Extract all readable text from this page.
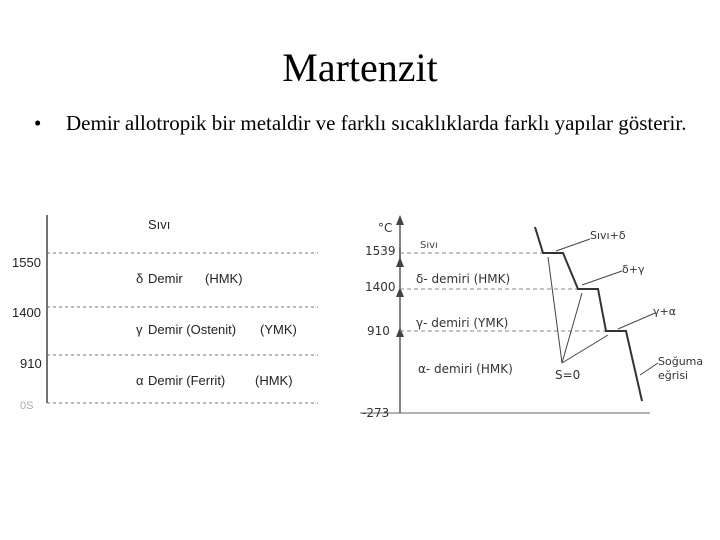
Martenzit
• Demir allotropik bir metaldir ve farklı sıcaklıklarda farklı yapılar gösterir.
1550
1400
910
0S
Sıvı
δ Demir (HMK)
γ Demir (Ostenit) (YMK)
α Demir (Ferrit) (HMK)
°C
1539
1400
910
-273
Sıvı
δ- demiri (HMK)
γ- demiri (YMK)
α- demiri (HMK)
Sıvı+δ
δ+γ
γ+α
S=0
Soğuma
eğrisi
